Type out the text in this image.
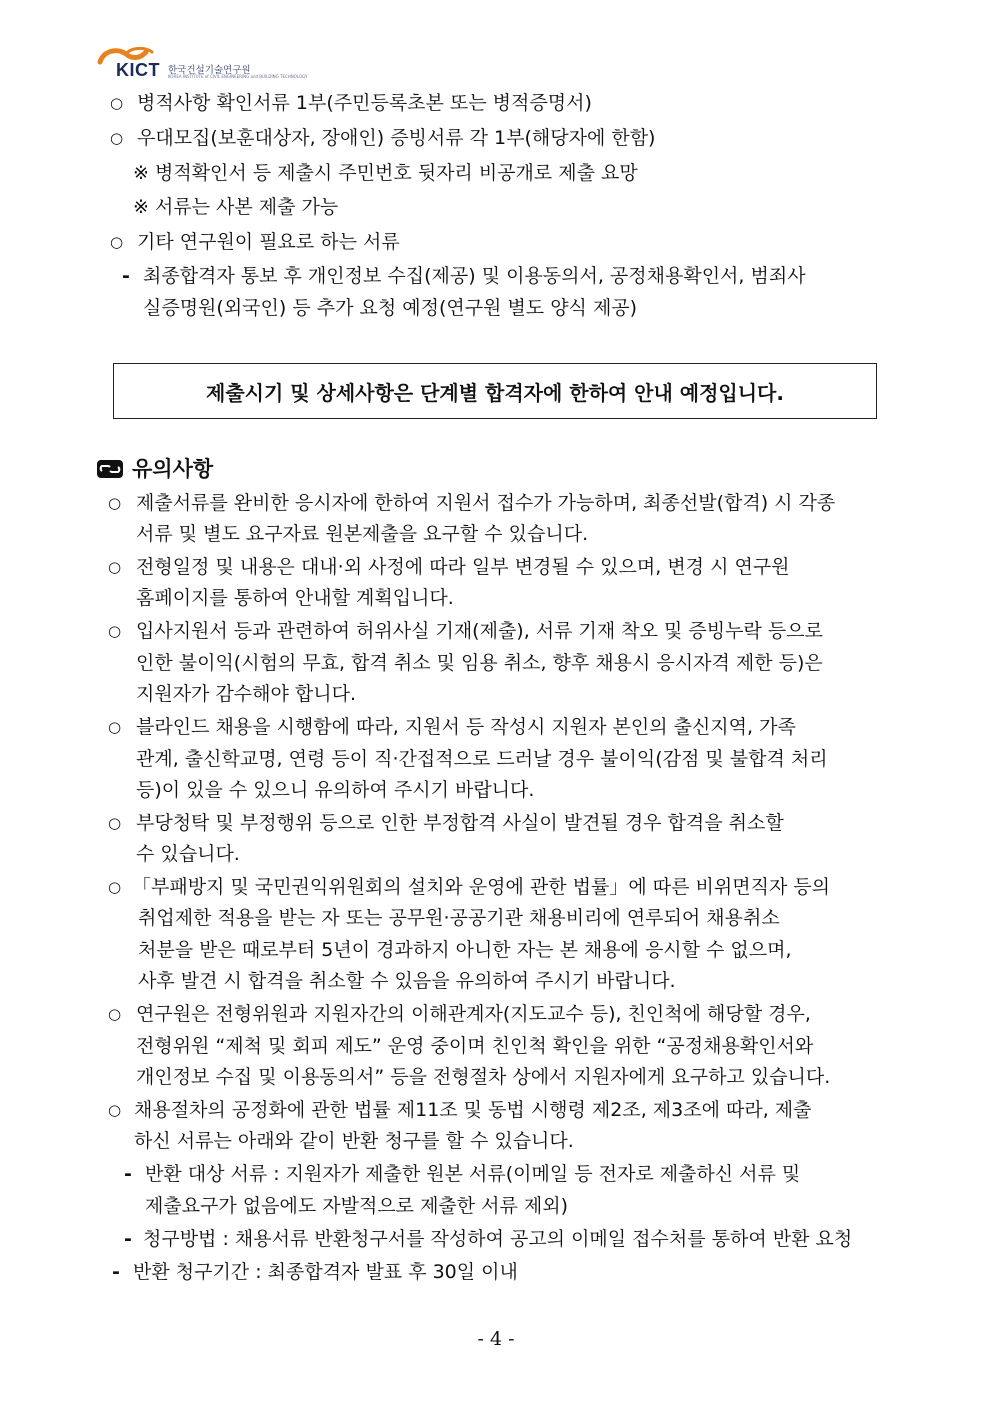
KICT 한국건설기술연구원
KOREA INSTITUTE of CIVIL ENGINEERING and BUILDING TECHNOLOGY
○ 병적사항 확인서류 1부(주민등록초본 또는 병적증명서)
○ 우대모집(보훈대상자, 장애인) 증빙서류 각 1부(해당자에 한함)
※ 병적확인서 등 제출시 주민번호 뒷자리 비공개로 제출 요망
※ 서류는 사본 제출 가능
○ 기타 연구원이 필요로 하는 서류
- 최종합격자 통보 후 개인정보 수집(제공) 및 이용동의서, 공정채용확인서, 범죄사
실증명원(외국인) 등 추가 요청 예정(연구원 별도 양식 제공)
제출시기 및 상세사항은 단계별 합격자에 한하여 안내 예정입니다.
유의사항
○ 제출서류를 완비한 응시자에 한하여 지원서 접수가 가능하며, 최종선발(합격) 시 각종
서류 및 별도 요구자료 원본제출을 요구할 수 있습니다.
○ 전형일정 및 내용은 대내·외 사정에 따라 일부 변경될 수 있으며, 변경 시 연구원
홈페이지를 통하여 안내할 계획입니다.
○ 입사지원서 등과 관련하여 허위사실 기재(제출), 서류 기재 착오 및 증빙누락 등으로
인한 불이익(시험의 무효, 합격 취소 및 임용 취소, 향후 채용시 응시자격 제한 등)은
지원자가 감수해야 합니다.
○ 블라인드 채용을 시행함에 따라, 지원서 등 작성시 지원자 본인의 출신지역, 가족
관계, 출신학교명, 연령 등이 직·간접적으로 드러날 경우 불이익(감점 및 불합격 처리
등)이 있을 수 있으니 유의하여 주시기 바랍니다.
○ 부당청탁 및 부정행위 등으로 인한 부정합격 사실이 발견될 경우 합격을 취소할
수 있습니다.
○ 「부패방지 및 국민권익위원회의 설치와 운영에 관한 법률」에 따른 비위면직자 등의
취업제한 적용을 받는 자 또는 공무원·공공기관 채용비리에 연루되어 채용취소
처분을 받은 때로부터 5년이 경과하지 아니한 자는 본 채용에 응시할 수 없으며,
사후 발견 시 합격을 취소할 수 있음을 유의하여 주시기 바랍니다.
○ 연구원은 전형위원과 지원자간의 이해관계자(지도교수 등), 친인척에 해당할 경우,
전형위원 “제척 및 회피 제도” 운영 중이며 친인척 확인을 위한 “공정채용확인서와
개인정보 수집 및 이용동의서” 등을 전형절차 상에서 지원자에게 요구하고 있습니다.
○ 채용절차의 공정화에 관한 법률 제11조 및 동법 시행령 제2조, 제3조에 따라, 제출
하신 서류는 아래와 같이 반환 청구를 할 수 있습니다.
- 반환 대상 서류 : 지원자가 제출한 원본 서류(이메일 등 전자로 제출하신 서류 및
제출요구가 없음에도 자발적으로 제출한 서류 제외)
- 청구방법 : 채용서류 반환청구서를 작성하여 공고의 이메일 접수처를 통하여 반환 요청
- 반환 청구기간 : 최종합격자 발표 후 30일 이내
- 4 -
